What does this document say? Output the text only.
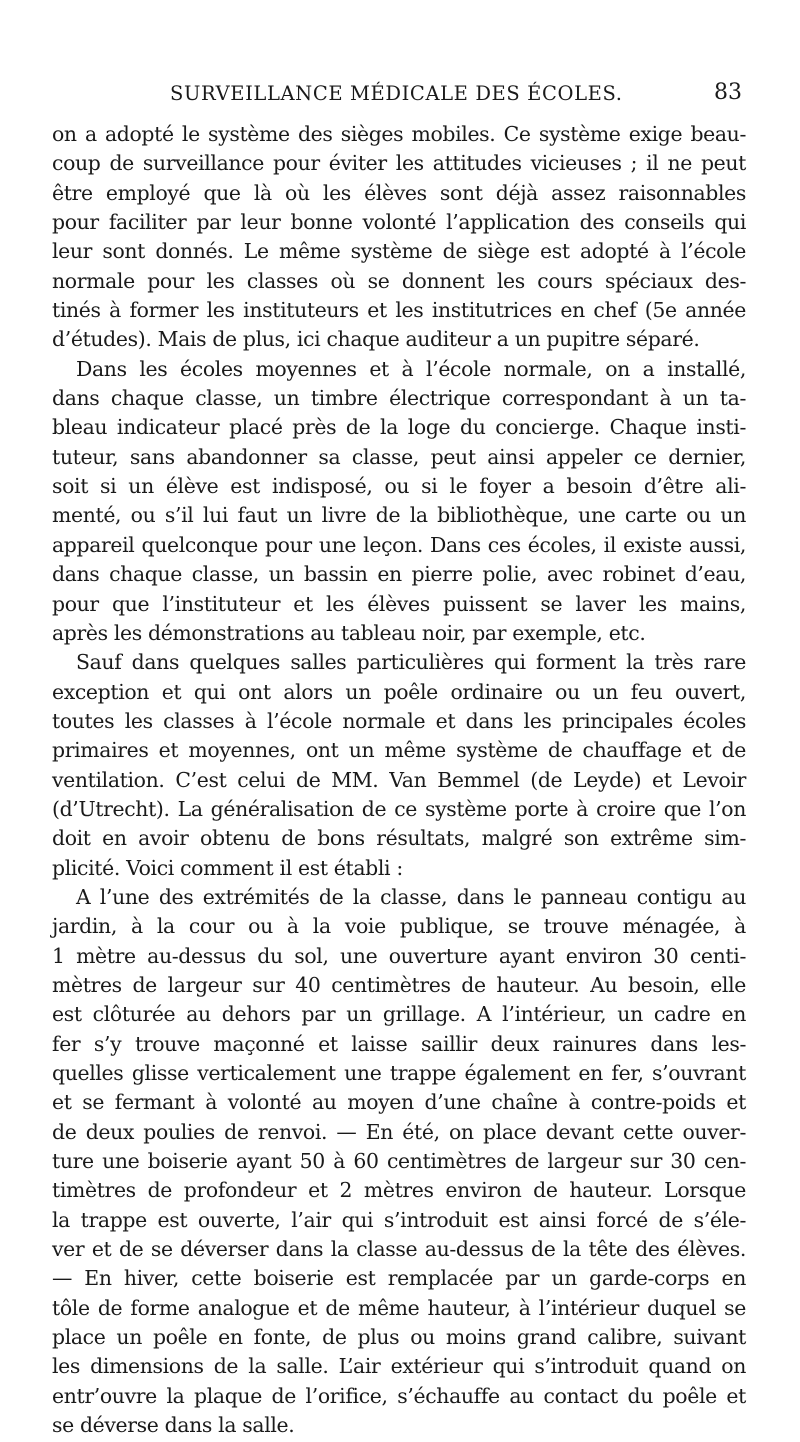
SURVEILLANCE MÉDICALE DES ÉCOLES.	83
on a adopté le système des sièges mobiles. Ce système exige beau-
coup de surveillance pour éviter les attitudes vicieuses ; il ne peut
être employé que là où les élèves sont déjà assez raisonnables
pour faciliter par leur bonne volonté l’application des conseils qui
leur sont donnés. Le même système de siège est adopté à l’école
normale pour les classes où se donnent les cours spéciaux des-
tinés à former les instituteurs et les institutrices en chef (5e année
d’études). Mais de plus, ici chaque auditeur a un pupitre séparé.
Dans les écoles moyennes et à l’école normale, on a installé,
dans chaque classe, un timbre électrique correspondant à un ta-
bleau indicateur placé près de la loge du concierge. Chaque insti-
tuteur, sans abandonner sa classe, peut ainsi appeler ce dernier,
soit si un élève est indisposé, ou si le foyer a besoin d’être ali-
menté, ou s’il lui faut un livre de la bibliothèque, une carte ou un
appareil quelconque pour une leçon. Dans ces écoles, il existe aussi,
dans chaque classe, un bassin en pierre polie, avec robinet d’eau,
pour que l’instituteur et les élèves puissent se laver les mains,
après les démonstrations au tableau noir, par exemple, etc.
Sauf dans quelques salles particulières qui forment la très rare
exception et qui ont alors un poêle ordinaire ou un feu ouvert,
toutes les classes à l’école normale et dans les principales écoles
primaires et moyennes, ont un même système de chauffage et de
ventilation. C’est celui de MM. Van Bemmel (de Leyde) et Levoir
(d’Utrecht). La généralisation de ce système porte à croire que l’on
doit en avoir obtenu de bons résultats, malgré son extrême sim-
plicité. Voici comment il est établi :
A l’une des extrémités de la classe, dans le panneau contigu au
jardin, à la cour ou à la voie publique, se trouve ménagée, à
1 mètre au-dessus du sol, une ouverture ayant environ 30 centi-
mètres de largeur sur 40 centimètres de hauteur. Au besoin, elle
est clôturée au dehors par un grillage. A l’intérieur, un cadre en
fer s’y trouve maçonné et laisse saillir deux rainures dans les-
quelles glisse verticalement une trappe également en fer, s’ouvrant
et se fermant à volonté au moyen d’une chaîne à contre-poids et
de deux poulies de renvoi. — En été, on place devant cette ouver-
ture une boiserie ayant 50 à 60 centimètres de largeur sur 30 cen-
timètres de profondeur et 2 mètres environ de hauteur. Lorsque
la trappe est ouverte, l’air qui s’introduit est ainsi forcé de s’éle-
ver et de se déverser dans la classe au-dessus de la tête des élèves.
— En hiver, cette boiserie est remplacée par un garde-corps en
tôle de forme analogue et de même hauteur, à l’intérieur duquel se
place un poêle en fonte, de plus ou moins grand calibre, suivant
les dimensions de la salle. L’air extérieur qui s’introduit quand on
entr’ouvre la plaque de l’orifice, s’échauffe au contact du poêle et
se déverse dans la salle.
